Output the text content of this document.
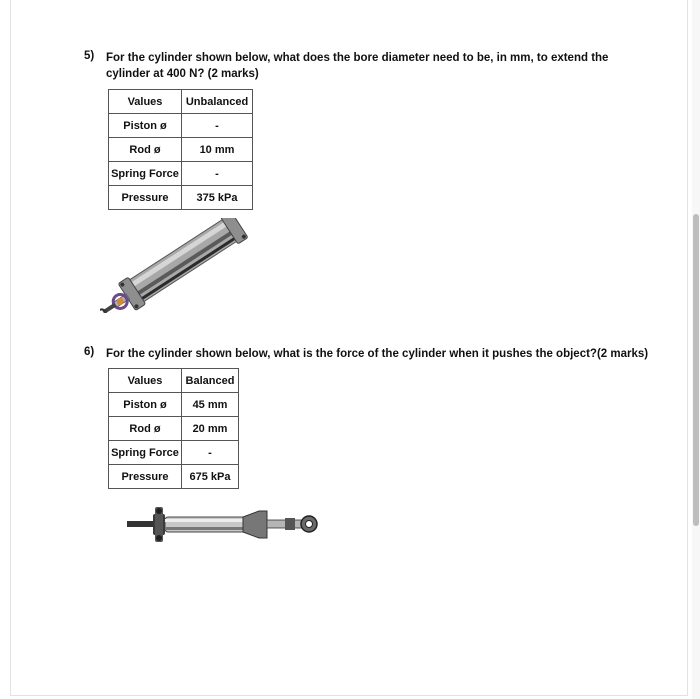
5) For the cylinder shown below, what does the bore diameter need to be, in mm, to extend the
cylinder at 400 N? (2 marks)
Values	Unbalanced
Piston ø	-
Rod ø	10 mm
Spring Force	-
Pressure	375 kPa
6) For the cylinder shown below, what is the force of the cylinder when it pushes the object?(2 marks)
Values	Balanced
Piston ø	45 mm
Rod ø	20 mm
Spring Force	-
Pressure	675 kPa
